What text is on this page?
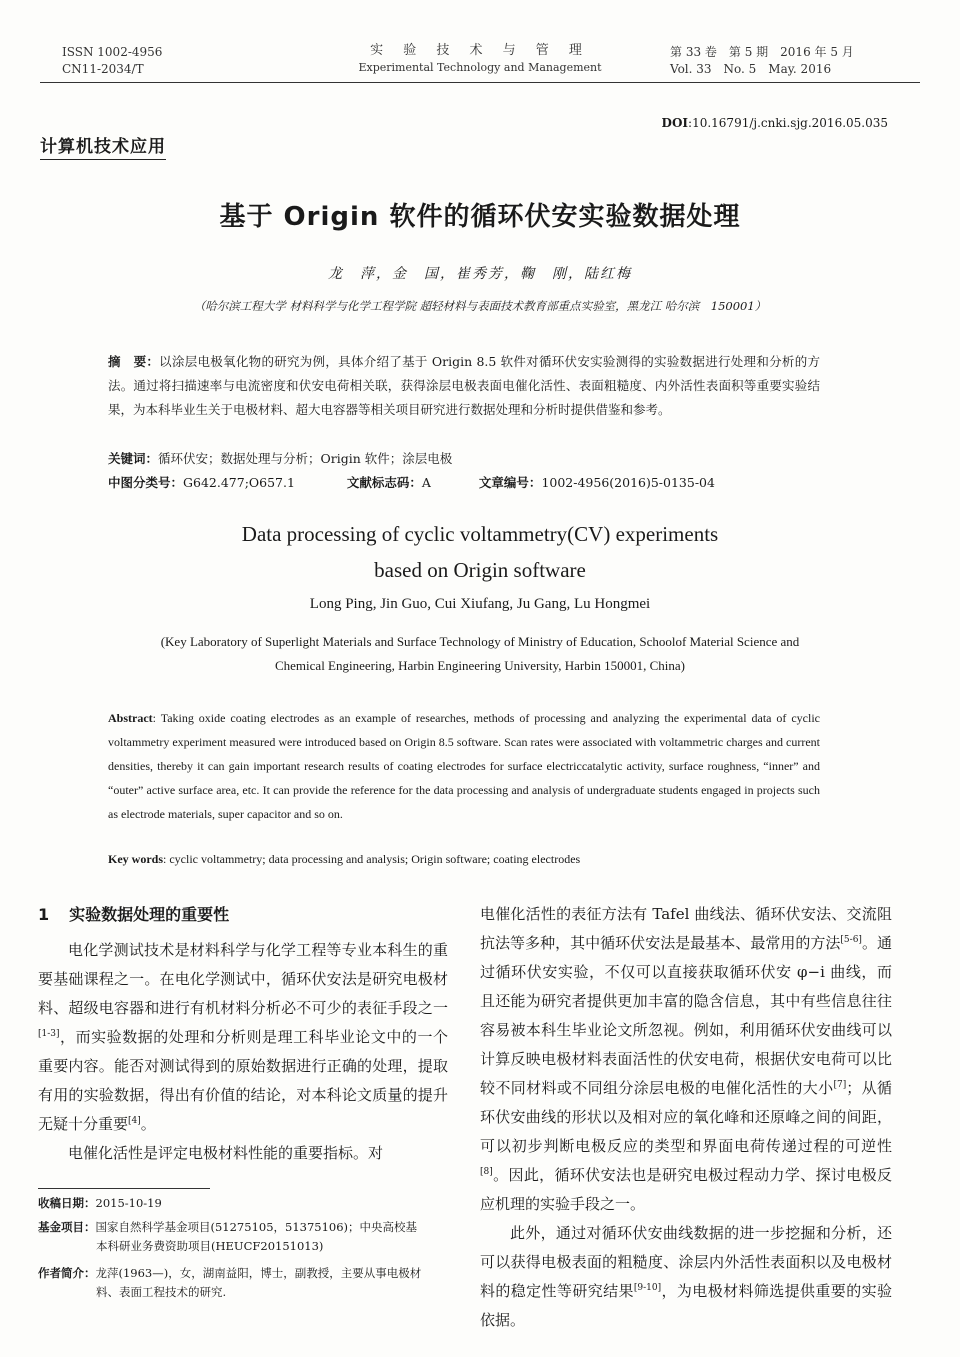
ISSN 1002-4956
CN11-2034/T
实 验 技 术 与 管 理
Experimental Technology and Management
第 33 卷　第 5 期　2016 年 5 月
Vol. 33　No. 5　May. 2016
DOI:10.16791/j.cnki.sjg.2016.05.035
计算机技术应用
基于 Origin 软件的循环伏安实验数据处理
龙　萍，金　国，崔秀芳，鞠　刚，陆红梅
（哈尔滨工程大学 材料科学与化学工程学院 超轻材料与表面技术教育部重点实验室，黑龙江 哈尔滨　150001）
摘　要：以涂层电极氧化物的研究为例，具体介绍了基于 Origin 8.5 软件对循环伏安实验测得的实验数据进行处理和分析的方法。通过将扫描速率与电流密度和伏安电荷相关联，获得涂层电极表面电催化活性、表面粗糙度、内外活性表面积等重要实验结果，为本科毕业生关于电极材料、超大电容器等相关项目研究进行数据处理和分析时提供借鉴和参考。
关键词：循环伏安；数据处理与分析；Origin 软件；涂层电极
中图分类号：G642.477;O657.1	文献标志码：A	文章编号：1002-4956(2016)5-0135-04
Data processing of cyclic voltammetry(CV) experiments
based on Origin software
Long Ping, Jin Guo, Cui Xiufang, Ju Gang, Lu Hongmei
(Key Laboratory of Superlight Materials and Surface Technology of Ministry of Education, Schoolof Material Science and Chemical Engineering, Harbin Engineering University, Harbin 150001, China)
Abstract: Taking oxide coating electrodes as an example of researches, methods of processing and analyzing the experimental data of cyclic voltammetry experiment measured were introduced based on Origin 8.5 software. Scan rates were associated with voltammetric charges and current densities, thereby it can gain important research results of coating electrodes for surface electriccatalytic activity, surface roughness, “inner” and “outer” active surface area, etc. It can provide the reference for the data processing and analysis of undergraduate students engaged in projects such as electrode materials, super capacitor and so on.
Key words: cyclic voltammetry; data processing and analysis; Origin software; coating electrodes
1 实验数据处理的重要性

电化学测试技术是材料科学与化学工程等专业本科生的重要基础课程之一。在电化学测试中，循环伏安法是研究电极材料、超级电容器和进行有机材料分析必不可少的表征手段之一[1-3]，而实验数据的处理和分析则是理工科毕业论文中的一个重要内容。能否对测试得到的原始数据进行正确的处理，提取有用的实验数据，得出有价值的结论，对本科论文质量的提升无疑十分重要[4]。

电催化活性是评定电极材料性能的重要指标。对

收稿日期：2015-10-19
基金项目：国家自然科学基金项目(51275105，51375106)；中央高校基
本科研业务费资助项目(HEUCF20151013)
作者简介：龙萍(1963—)，女，湖南益阳，博士，副教授，主要从事电极材
料、表面工程技术的研究.

电催化活性的表征方法有 Tafel 曲线法、循环伏安法、交流阻抗法等多种，其中循环伏安法是最基本、最常用的方法[5-6]。通过循环伏安实验，不仅可以直接获取循环伏安 φ−i 曲线，而且还能为研究者提供更加丰富的隐含信息，其中有些信息往往容易被本科生毕业论文所忽视。例如，利用循环伏安曲线可以计算反映电极材料表面活性的伏安电荷，根据伏安电荷可以比较不同材料或不同组分涂层电极的电催化活性的大小[7]；从循环伏安曲线的形状以及相对应的氧化峰和还原峰之间的间距，可以初步判断电极反应的类型和界面电荷传递过程的可逆性[8]。因此，循环伏安法也是研究电极过程动力学、探讨电极反应机理的实验手段之一。

此外，通过对循环伏安曲线数据的进一步挖掘和分析，还可以获得电极表面的粗糙度、涂层内外活性表面积以及电极材料的稳定性等研究结果[9-10]，为电极材料筛选提供重要的实验依据。
